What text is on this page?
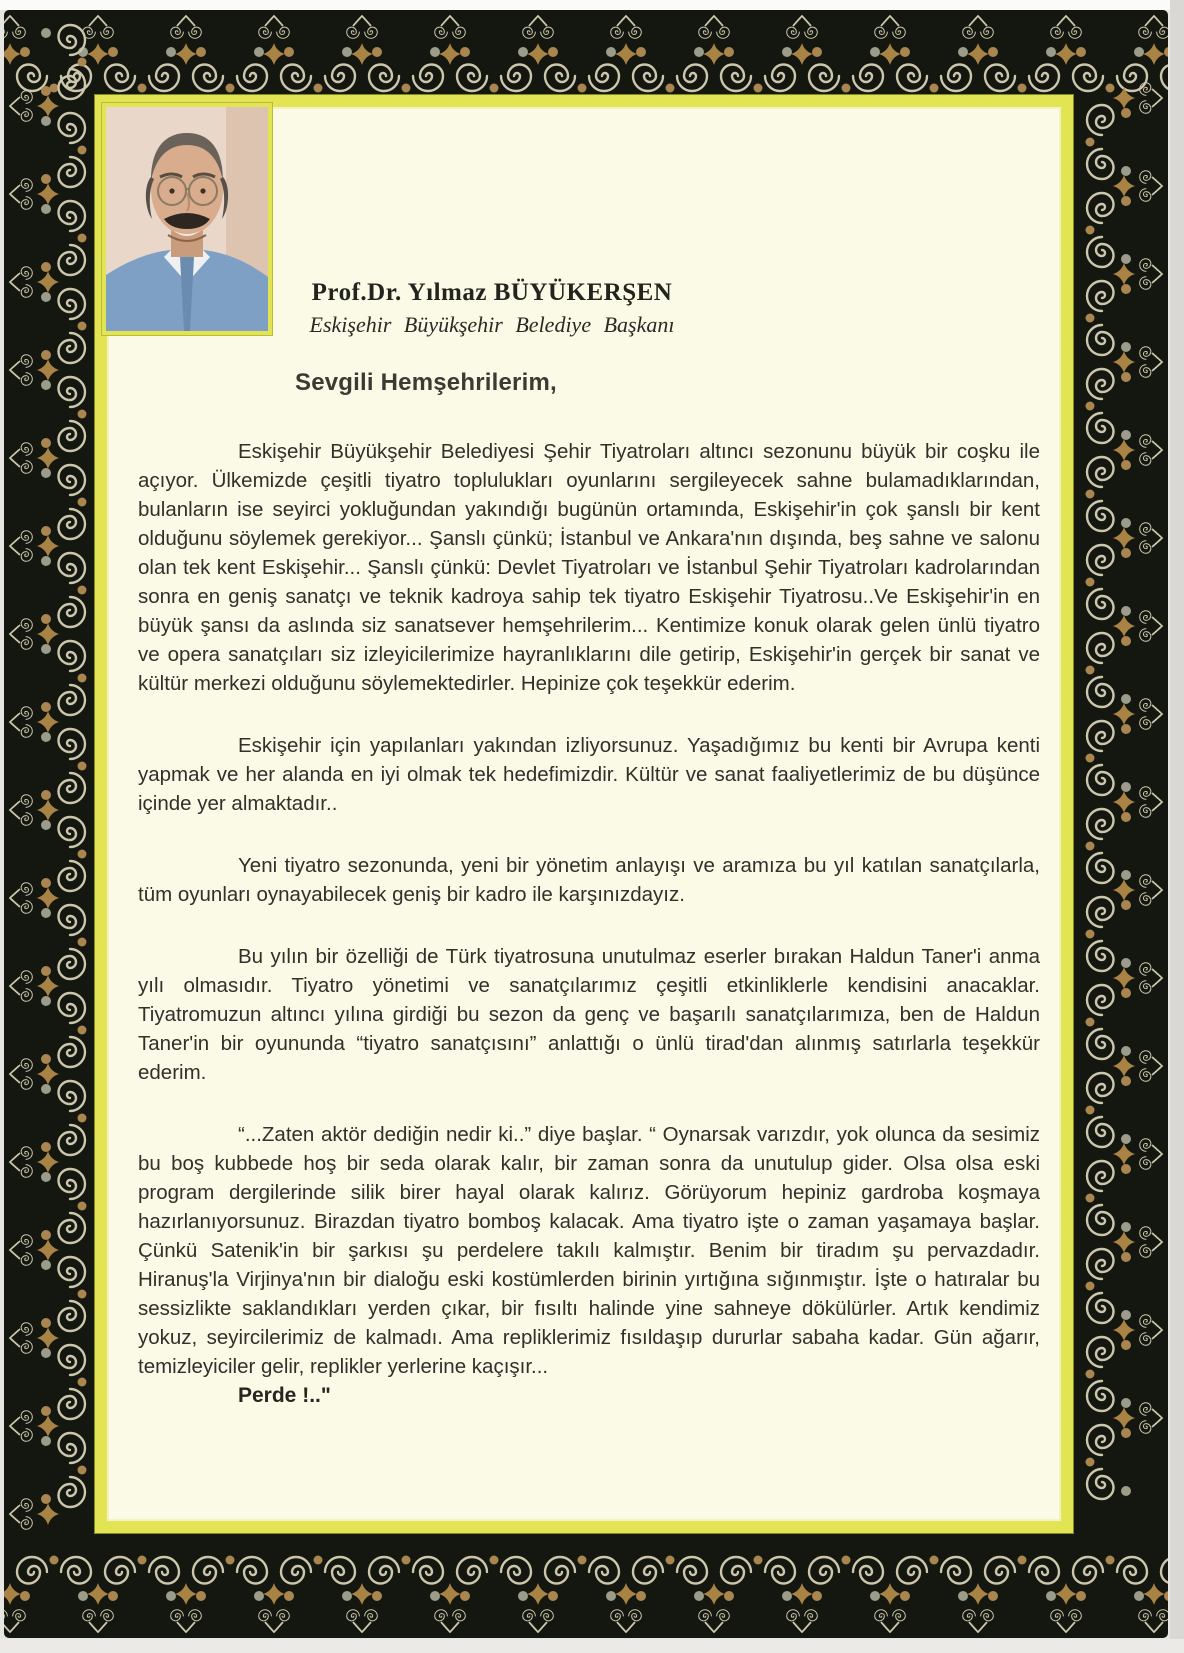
Prof.Dr. Yılmaz BÜYÜKERŞEN
Eskişehir Büyükşehir Belediye Başkanı
Sevgili Hemşehrilerim,

Eskişehir Büyükşehir Belediyesi Şehir Tiyatroları altıncı sezonunu büyük bir coşku ile açıyor. Ülkemizde çeşitli tiyatro toplulukları oyunlarını sergileyecek sahne bulamadıklarından, bulanların ise seyirci yokluğundan yakındığı bugünün ortamında, Eskişehir'in çok şanslı bir kent olduğunu söylemek gerekiyor... Şanslı çünkü; İstanbul ve Ankara'nın dışında, beş sahne ve salonu olan tek kent Eskişehir... Şanslı çünkü: Devlet Tiyatroları ve İstanbul Şehir Tiyatroları kadrolarından sonra en geniş sanatçı ve teknik kadroya sahip tek tiyatro Eskişehir Tiyatrosu..Ve Eskişehir'in en büyük şansı da aslında siz sanatsever hemşehrilerim... Kentimize konuk olarak gelen ünlü tiyatro ve opera sanatçıları siz izleyicilerimize hayranlıklarını dile getirip, Eskişehir'in gerçek bir sanat ve kültür merkezi olduğunu söylemektedirler. Hepinize çok teşekkür ederim.

Eskişehir için yapılanları yakından izliyorsunuz. Yaşadığımız bu kenti bir Avrupa kenti yapmak ve her alanda en iyi olmak tek hedefimizdir. Kültür ve sanat faaliyetlerimiz de bu düşünce içinde yer almaktadır..

Yeni tiyatro sezonunda, yeni bir yönetim anlayışı ve aramıza bu yıl katılan sanatçılarla, tüm oyunları oynayabilecek geniş bir kadro ile karşınızdayız.

Bu yılın bir özelliği de Türk tiyatrosuna unutulmaz eserler bırakan Haldun Taner'i anma yılı olmasıdır. Tiyatro yönetimi ve sanatçılarımız çeşitli etkinliklerle kendisini anacaklar. Tiyatromuzun altıncı yılına girdiği bu sezon da genç ve başarılı sanatçılarımıza, ben de Haldun Taner'in bir oyununda “tiyatro sanatçısını” anlattığı o ünlü tirad'dan alınmış satırlarla teşekkür ederim.

“...Zaten aktör dediğin nedir ki..” diye başlar. “ Oynarsak varızdır, yok olunca da sesimiz bu boş kubbede hoş bir seda olarak kalır, bir zaman sonra da unutulup gider. Olsa olsa eski program dergilerinde silik birer hayal olarak kalırız. Görüyorum hepiniz gardroba koşmaya hazırlanıyorsunuz. Birazdan tiyatro bomboş kalacak. Ama tiyatro işte o zaman yaşamaya başlar. Çünkü Satenik'in bir şarkısı şu perdelere takılı kalmıştır. Benim bir tiradım şu pervazdadır. Hiranuş'la Virjinya'nın bir dialoğu eski kostümlerden birinin yırtığına sığınmıştır. İşte o hatıralar bu sessizlikte saklandıkları yerden çıkar, bir fısıltı halinde yine sahneye dökülürler. Artık kendimiz yokuz, seyircilerimiz de kalmadı. Ama repliklerimiz fısıldaşıp dururlar sabaha kadar. Gün ağarır, temizleyiciler gelir, replikler yerlerine kaçışır...

Perde !.."
